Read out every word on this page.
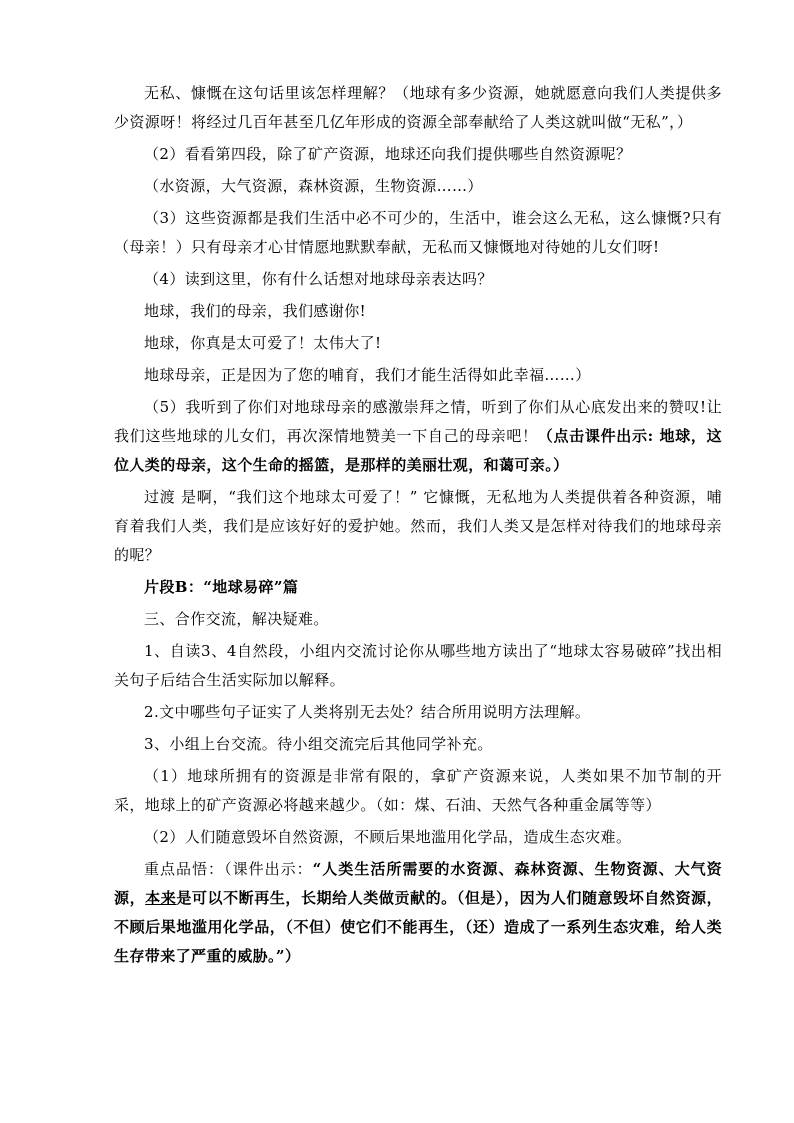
无私、慷慨在这句话里该怎样理解？（地球有多少资源，她就愿意向我们人类提供多少资源呀！将经过几百年甚至几亿年形成的资源全部奉献给了人类这就叫做“无私”，）

（2）看看第四段，除了矿产资源，地球还向我们提供哪些自然资源呢？

（水资源，大气资源，森林资源，生物资源……）

（3）这些资源都是我们生活中必不可少的，生活中，谁会这么无私，这么慷慨?只有（母亲！）只有母亲才心甘情愿地默默奉献，无私而又慷慨地对待她的儿女们呀!

（4）读到这里，你有什么话想对地球母亲表达吗？

地球，我们的母亲，我们感谢你!

地球，你真是太可爱了！太伟大了!

地球母亲，正是因为了您的哺育，我们才能生活得如此幸福……）

（5）我听到了你们对地球母亲的感激崇拜之情，听到了你们从心底发出来的赞叹!让我们这些地球的儿女们，再次深情地赞美一下自己的母亲吧！（点击课件出示: 地球，这位人类的母亲，这个生命的摇篮，是那样的美丽壮观，和蔼可亲。）

过渡 是啊，“我们这个地球太可爱了！” 它慷慨，无私地为人类提供着各种资源，哺育着我们人类，我们是应该好好的爱护她。然而，我们人类又是怎样对待我们的地球母亲的呢？

片段B：“地球易碎”篇

三、合作交流，解决疑难。

1、自读3、4自然段，小组内交流讨论你从哪些地方读出了“地球太容易破碎”找出相关句子后结合生活实际加以解释。

2.文中哪些句子证实了人类将别无去处？结合所用说明方法理解。

3、小组上台交流。待小组交流完后其他同学补充。

（1）地球所拥有的资源是非常有限的，拿矿产资源来说，人类如果不加节制的开采，地球上的矿产资源必将越来越少。（如：煤、石油、天然气各种重金属等等）

（2）人们随意毁坏自然资源，不顾后果地滥用化学品，造成生态灾难。

重点品悟：（课件出示：“人类生活所需要的水资源、森林资源、生物资源、大气资源，本来是可以不断再生，长期给人类做贡献的。（但是），因为人们随意毁坏自然资源，不顾后果地滥用化学品，（不但）使它们不能再生，（还）造成了一系列生态灾难，给人类生存带来了严重的威胁。”）
